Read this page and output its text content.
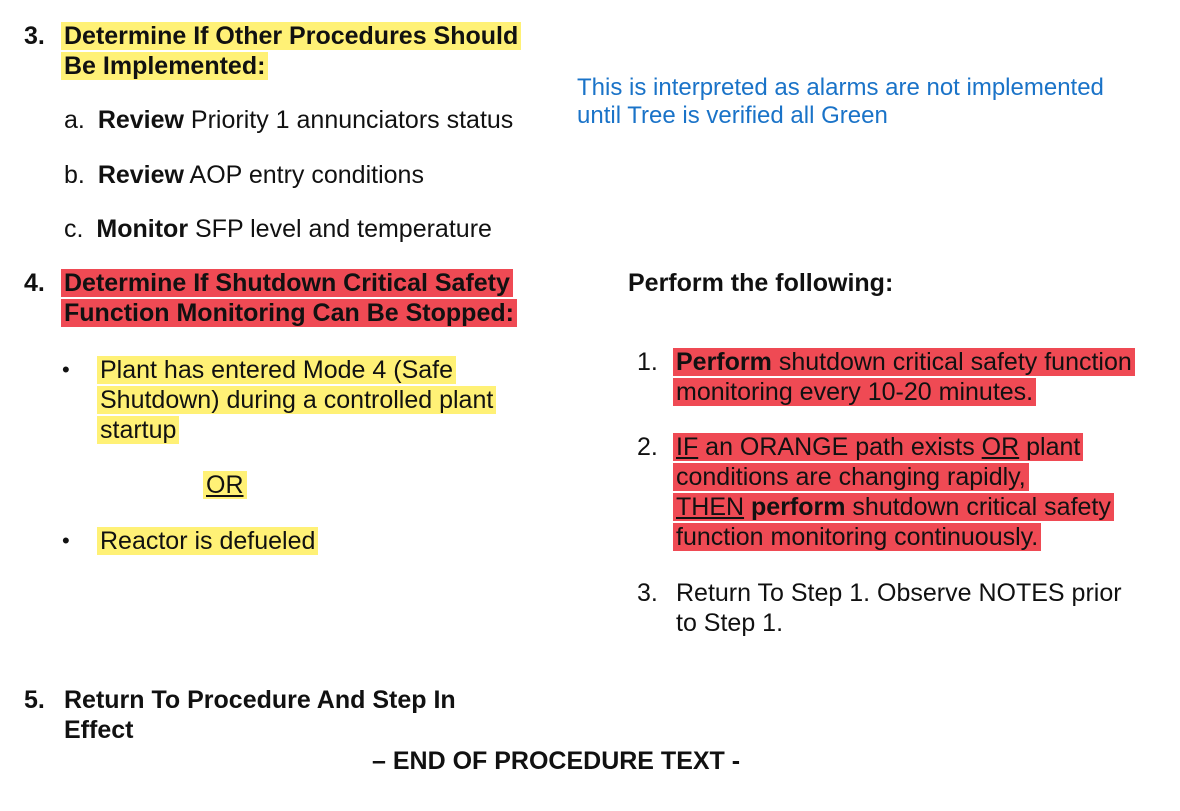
3. Determine If Other Procedures Should
Be Implemented:
a. Review Priority 1 annunciators status
b. Review AOP entry conditions
c. Monitor SFP level and temperature
This is interpreted as alarms are not implemented
until Tree is verified all Green
4. Determine If Shutdown Critical Safety
Function Monitoring Can Be Stopped:
• Plant has entered Mode 4 (Safe
Shutdown) during a controlled plant
startup
OR
• Reactor is defueled
Perform the following:
1. Perform shutdown critical safety function
monitoring every 10-20 minutes.
2. IF an ORANGE path exists OR plant
conditions are changing rapidly,
THEN perform shutdown critical safety
function monitoring continuously.
3. Return To Step 1. Observe NOTES prior
to Step 1.
5. Return To Procedure And Step In
Effect
– END OF PROCEDURE TEXT -
